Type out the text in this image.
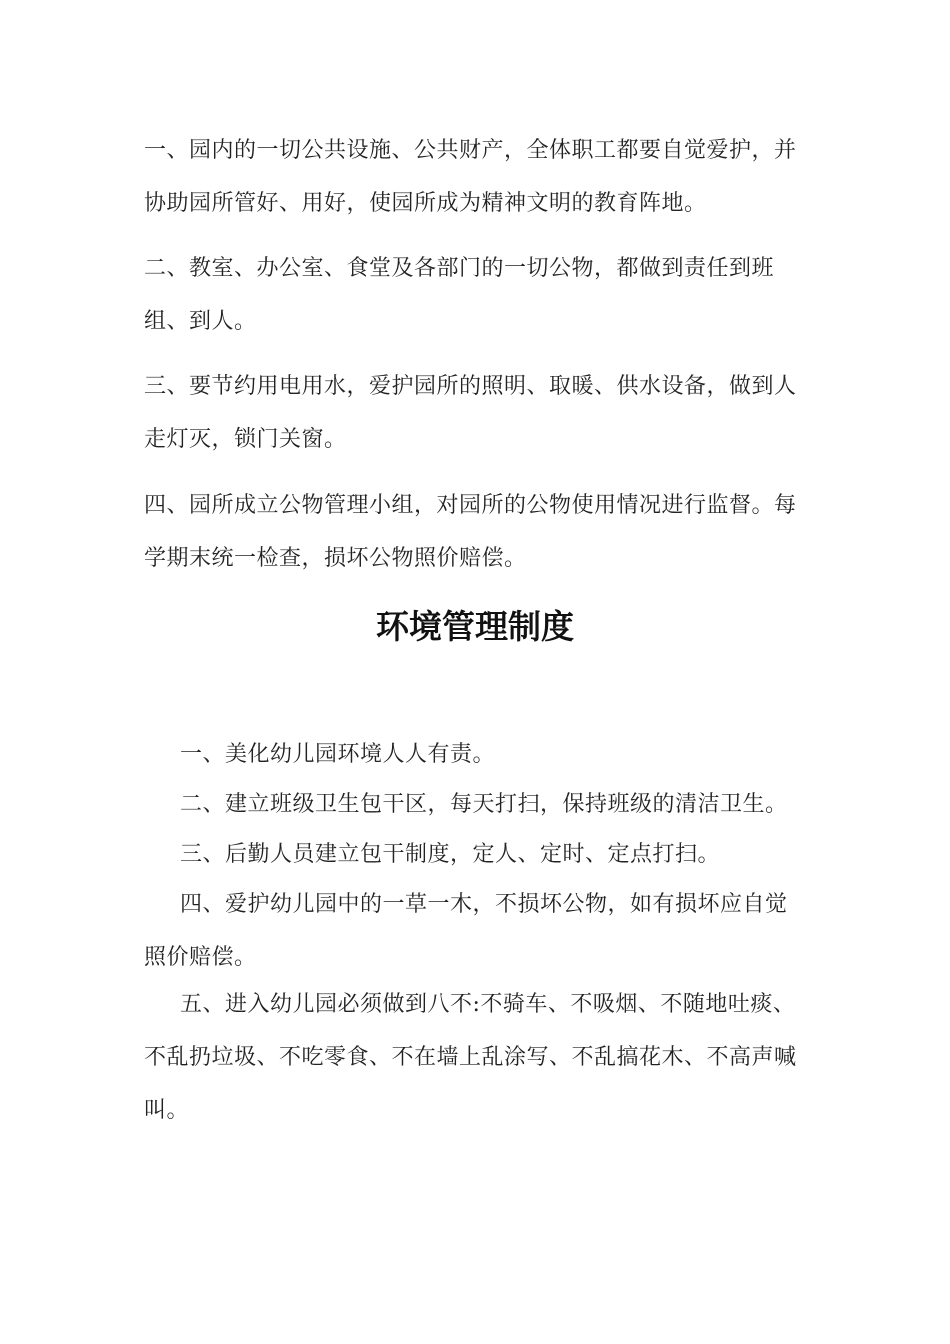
一、园内的一切公共设施、公共财产，全体职工都要自觉爱护，并协助园所管好、用好，使园所成为精神文明的教育阵地。

二、教室、办公室、食堂及各部门的一切公物，都做到责任到班组、到人。

三、要节约用电用水，爱护园所的照明、取暖、供水设备，做到人走灯灭，锁门关窗。

四、园所成立公物管理小组，对园所的公物使用情况进行监督。每学期末统一检查，损坏公物照价赔偿。

环境管理制度

一、美化幼儿园环境人人有责。

二、建立班级卫生包干区，每天打扫，保持班级的清洁卫生。

三、后勤人员建立包干制度，定人、定时、定点打扫。

四、爱护幼儿园中的一草一木，不损坏公物，如有损坏应自觉照价赔偿。

五、进入幼儿园必须做到八不:不骑车、不吸烟、不随地吐痰、不乱扔垃圾、不吃零食、不在墙上乱涂写、不乱搞花木、不高声喊叫。
